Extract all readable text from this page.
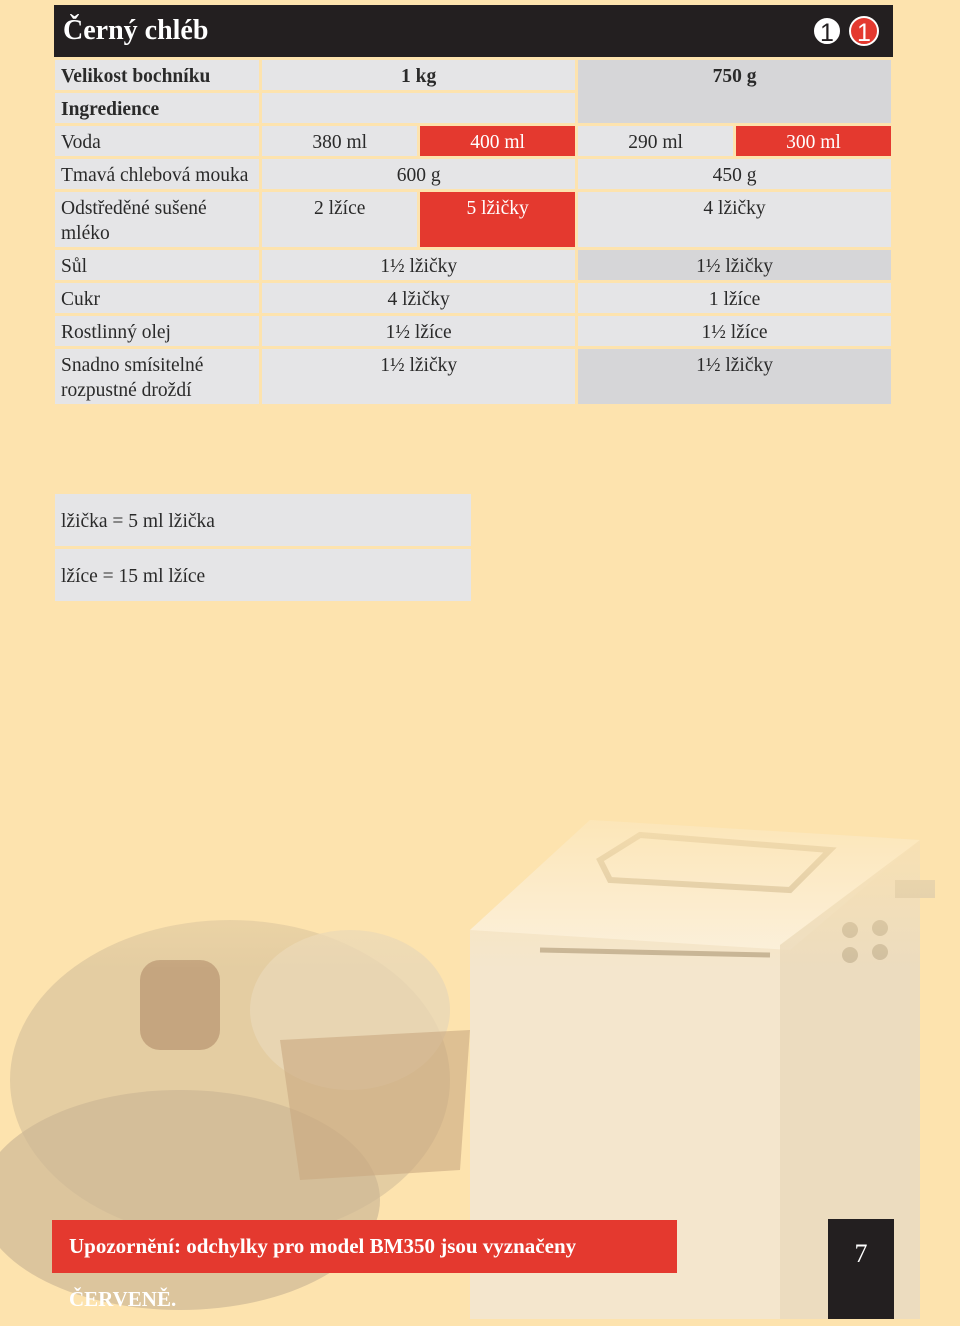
Černý chléb	1 1
Velikost bochníku	1 kg		750 g	
Ingredience				
Voda	380 ml	400 ml	290 ml	300 ml
Tmavá chlebová mouka	600 g		450 g	
Odstředěné sušené mléko	2 lžíce	5 lžičky	4 lžičky	
Sůl	1½ lžičky		1½ lžičky	
Cukr	4 lžičky		1 lžíce	
Rostlinný olej	1½ lžíce		1½ lžíce	
Snadno smísitelné rozpustné droždí	1½ lžičky		1½ lžičky	
lžička = 5 ml lžička
lžíce = 15 ml lžíce
Upozornění: odchylky pro model BM350 jsou vyznačeny ČERVENĚ.
7
